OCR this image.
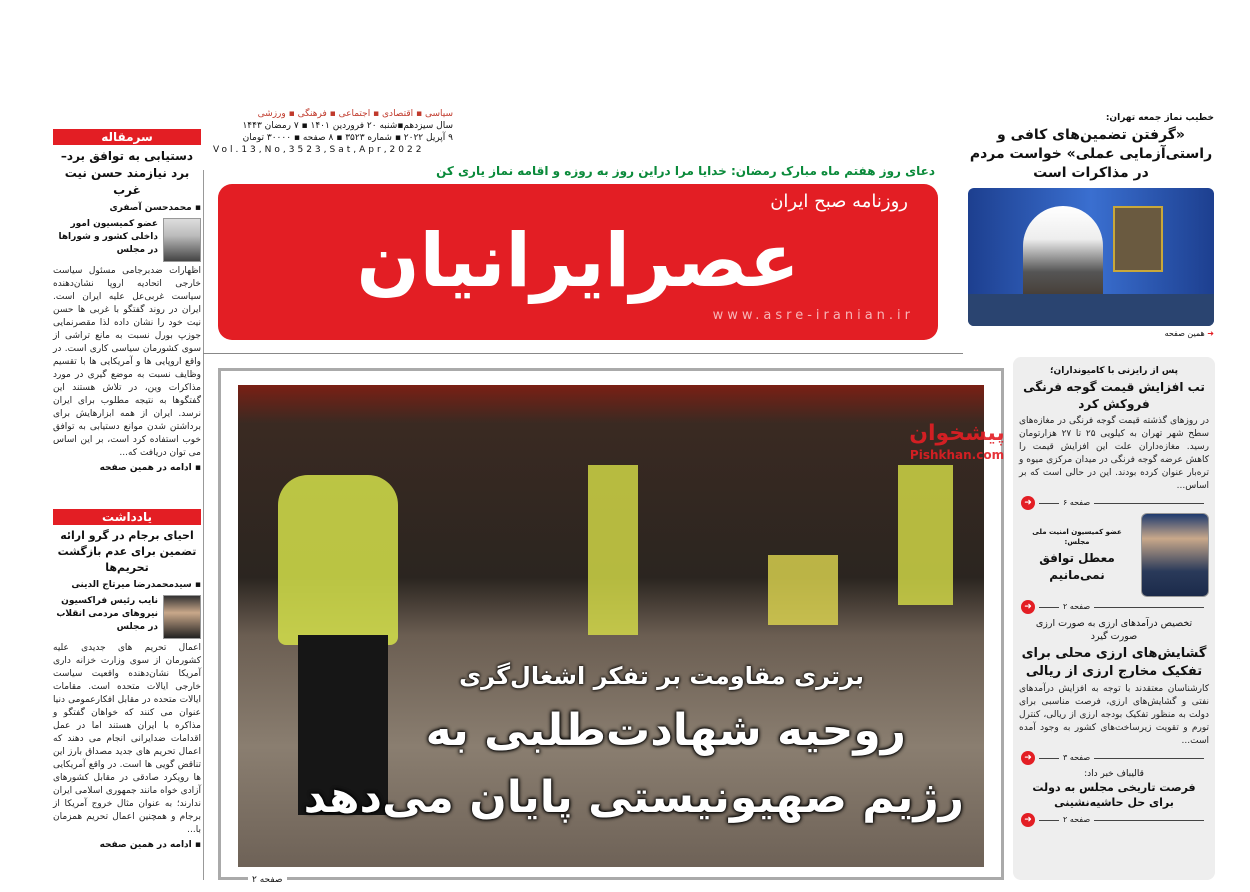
سرمقاله
دستیابی به توافق برد–برد نیازمند حسن نیت غرب
▪ محمدحسن آصفری
عضو کمیسیون امور داخلی کشور و شوراها در مجلس
اظهارات ضدبرجامی مسئول سیاست خارجی اتحادیه اروپا نشان‌دهنده سیاست غربی‌عل علیه ایران است. ایران در روند گفتگو با غربی ها حسن نیت خود را نشان داده لذا مقصرنمایی جوزپ بورل نسبت به مانع تراشی از سوی کشورمان سیاسی کاری است. در واقع اروپایی ها و آمریکایی ها با تقسیم وظایف نسبت به موضع گیری در مورد مذاکرات وین، در تلاش هستند این گفتگوها به نتیجه مطلوب برای ایران نرسد. ایران از همه ابزارهایش برای برداشتن شدن موانع دستیابی به توافق خوب استفاده کرد است، بر این اساس می توان دریافت که...
▪ ادامه در همین صفحه
یادداشت
احیای برجام در گرو ارائه تضمین برای عدم بازگشت تحریم‌ها
▪ سیدمحمدرضا میرتاج الدینی
نایب رئیس فراکسیون نیروهای مردمی انقلاب در مجلس
اعمال تحریم های جدیدی علیه کشورمان از سوی وزارت خزانه داری آمریکا نشان‌دهنده واقعیت سیاست خارجی ایالات متحده است. مقامات ایالات متحده در مقابل افکارعمومی دنیا عنوان می کنند که خواهان گفتگو و مذاکره با ایران هستند اما در عمل اقدامات ضدایرانی انجام می دهند که اعمال تحریم های جدید مصداق بارز این تناقض گویی ها است. در واقع آمریکایی ها رویکرد صادقی در مقابل کشورهای آزادی خواه مانند جمهوری اسلامی ایران ندارند؛ به عنوان مثال خروج آمریکا از برجام و همچنین اعمال تحریم همزمان با...
▪ ادامه در همین صفحه
سیاسی ▪ اقتصادی ▪ اجتماعی ▪ فرهنگی ▪ ورزشی
سال سیزدهم▪شنبه ۲۰ فروردین ۱۴۰۱ ▪ ۷ رمضان ۱۴۴۳
۹ آپریل ۲۰۲۲ ▪ شماره ۳۵۲۳ ▪ ۸ صفحه ▪ ۳۰۰۰۰ تومان
Vol.13,No,3523,Sat,Apr,2022
دعای روز هفتم ماه مبارک رمضان: خدایا مرا دراین روز به روزه و اقامه نماز یاری کن
روزنامه صبح ایران
عصرایرانیان
www.asre-iranian.ir
برتری مقاومت بر تفکر اشغال‌گری
روحیه شهادت‌طلبی به
رژیم صهیونیستی پایان می‌دهد
صفحه ۲
خطیب نماز جمعه تهران:
«گرفتن تضمین‌های کافی و راستی‌آزمایی عملی» خواست مردم در مذاکرات است
➜ همین صفحه
پس از رایزنی با کامیونداران؛
تب افزایش قیمت گوجه فرنگی فروکش کرد
در روزهای گذشته قیمت گوجه فرنگی در مغازه‌های سطح شهر تهران به کیلویی ۲۵ تا ۲۷ هزارتومان رسید. مغازه‌داران علت این افزایش قیمت را کاهش عرضه گوجه فرنگی در میدان مرکزی میوه و تره‌بار عنوان کرده بودند. این در حالی است که بر اساس...
➜	صفحه ۶
عضو کمیسیون امنیت ملی مجلس:
معطل توافق نمی‌مانیم
➜	صفحه ۲
تخصیص درآمدهای ارزی به صورت ارزی صورت گیرد
گشایش‌های ارزی محلی برای تفکیک مخارج ارزی از ریالی
کارشناسان معتقدند با توجه به افزایش درآمدهای نفتی و گشایش‌های ارزی، فرصت مناسبی برای دولت به منظور تفکیک بودجه ارزی از ریالی، کنترل تورم و تقویت زیرساخت‌های کشور به وجود آمده است...
➜	صفحه ۳
قالیباف خبر داد:
فرصت تاریخی مجلس به دولت برای حل حاشیه‌نشینی
➜	صفحه ۲
پیشخوان
Pishkhan.com
